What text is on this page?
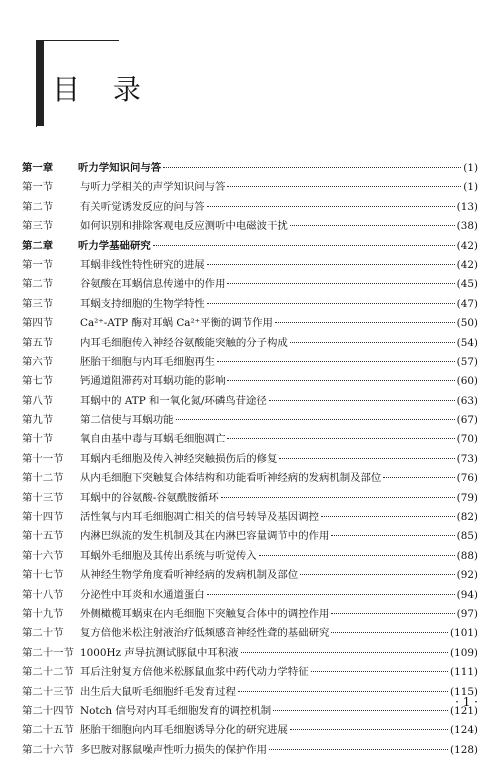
目 录
第一章	听力学知识问与答	(1)
第一节	与听力学相关的声学知识问与答	(1)
第二节	有关听觉诱发反应的问与答	(13)
第三节	如何识别和排除客观电反应测听中电磁波干扰	(38)
第二章	听力学基础研究	(42)
第一节	耳蜗非线性特性研究的进展	(42)
第二节	谷氨酸在耳蜗信息传递中的作用	(45)
第三节	耳蜗支持细胞的生物学特性	(47)
第四节	Ca²⁺-ATP 酶对耳蜗 Ca²⁺平衡的调节作用	(50)
第五节	内耳毛细胞传入神经谷氨酸能突触的分子构成	(54)
第六节	胚胎干细胞与内耳毛细胞再生	(57)
第七节	钙通道阻滞药对耳蜗功能的影响	(60)
第八节	耳蜗中的 ATP 和一氧化氮/环磷鸟苷途径	(63)
第九节	第二信使与耳蜗功能	(67)
第十节	氧自由基中毒与耳蜗毛细胞凋亡	(70)
第十一节	耳蜗内毛细胞及传入神经突触损伤后的修复	(73)
第十二节	从内毛细胞下突触复合体结构和功能看听神经病的发病机制及部位	(76)
第十三节	耳蜗中的谷氨酸-谷氨酰胺循环	(79)
第十四节	活性氧与内耳毛细胞凋亡相关的信号转导及基因调控	(82)
第十五节	内淋巴纵流的发生机制及其在内淋巴容量调节中的作用	(85)
第十六节	耳蜗外毛细胞及其传出系统与听觉传入	(88)
第十七节	从神经生物学角度看听神经病的发病机制及部位	(92)
第十八节	分泌性中耳炎和水通道蛋白	(94)
第十九节	外侧橄榄耳蜗束在内毛细胞下突触复合体中的调控作用	(97)
第二十节	复方倍他米松注射液治疗低频感音神经性聋的基础研究	(101)
第二十一节 1000Hz 声导抗测试豚鼠中耳积液	(109)
第二十二节 耳后注射复方倍他米松豚鼠血浆中药代动力学特征	(111)
第二十三节 出生后大鼠听毛细胞纤毛发育过程	(115)
第二十四节 Notch 信号对内耳毛细胞发育的调控机制	(121)
第二十五节 胚胎干细胞向内耳毛细胞诱导分化的研究进展	(124)
第二十六节 多巴胺对豚鼠噪声性听力损失的保护作用	(128)
· 1 ·
